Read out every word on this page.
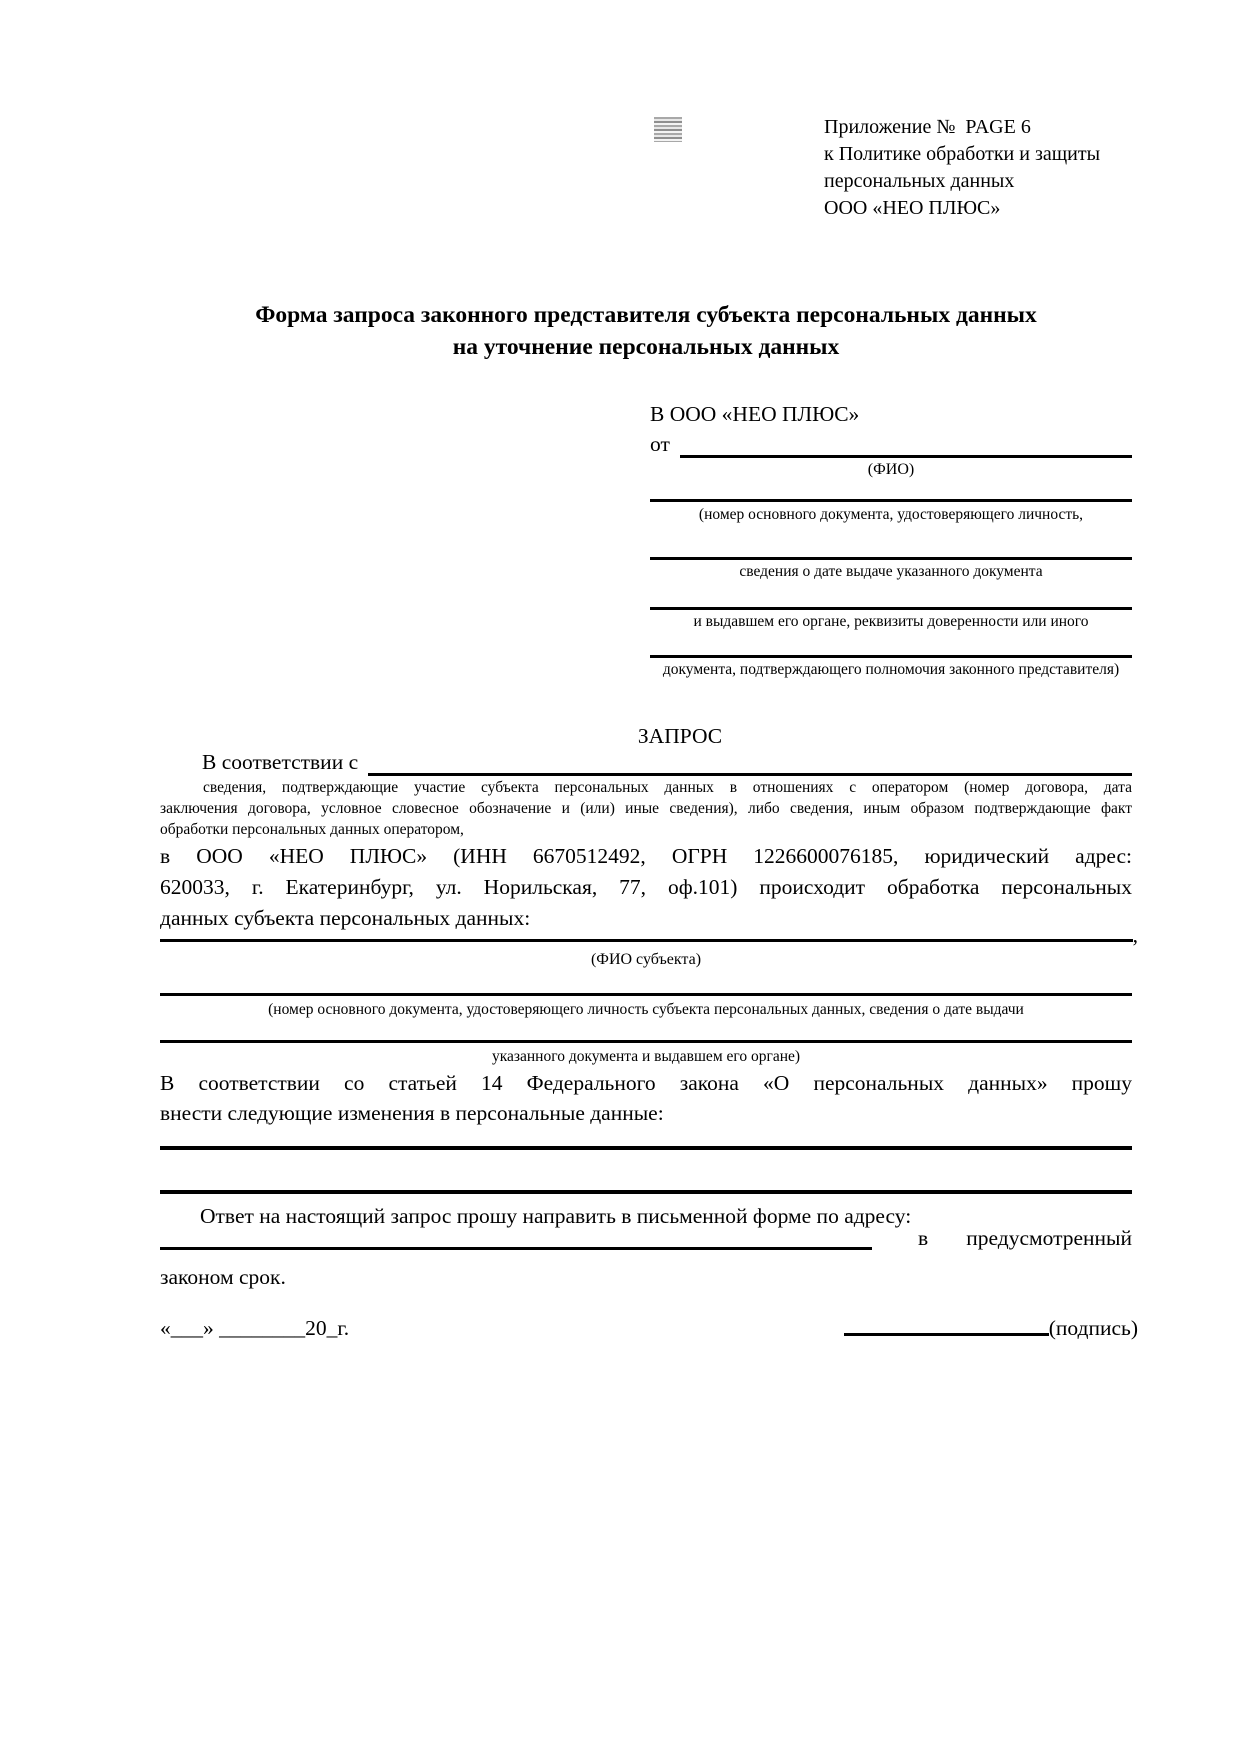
Приложение №  PAGE 6
к Политике обработки и защиты
персональных данных
ООО «НЕО ПЛЮС»
Форма запроса законного представителя субъекта персональных данных
на уточнение персональных данных
В ООО «НЕО ПЛЮС»
от
(ФИО)
(номер основного документа, удостоверяющего личность,
сведения о дате выдаче указанного документа
и выдавшем его органе, реквизиты доверенности или иного
документа, подтверждающего полномочия законного представителя)
ЗАПРОС
В соответствии с
сведения, подтверждающие участие субъекта персональных данных в отношениях с оператором (номер договора, дата
заключения договора, условное словесное обозначение и (или) иные сведения), либо сведения, иным образом подтверждающие факт
обработки персональных данных оператором,
в ООО «НЕО ПЛЮС» (ИНН 6670512492, ОГРН 1226600076185, юридический адрес:
620033, г. Екатеринбург, ул. Норильская, 77, оф.101) происходит обработка персональных
данных субъекта персональных данных:
,
(ФИО субъекта)
(номер основного документа, удостоверяющего личность субъекта персональных данных, сведения о дате выдачи
указанного документа и выдавшем его органе)
В соответствии со статьей 14 Федерального закона «О персональных данных» прошу
внести следующие изменения в персональные данные:
Ответ на настоящий запрос прошу направить в письменной форме по адресу:
в предусмотренный
законом срок.
«___» ________20_г.	(подпись)
